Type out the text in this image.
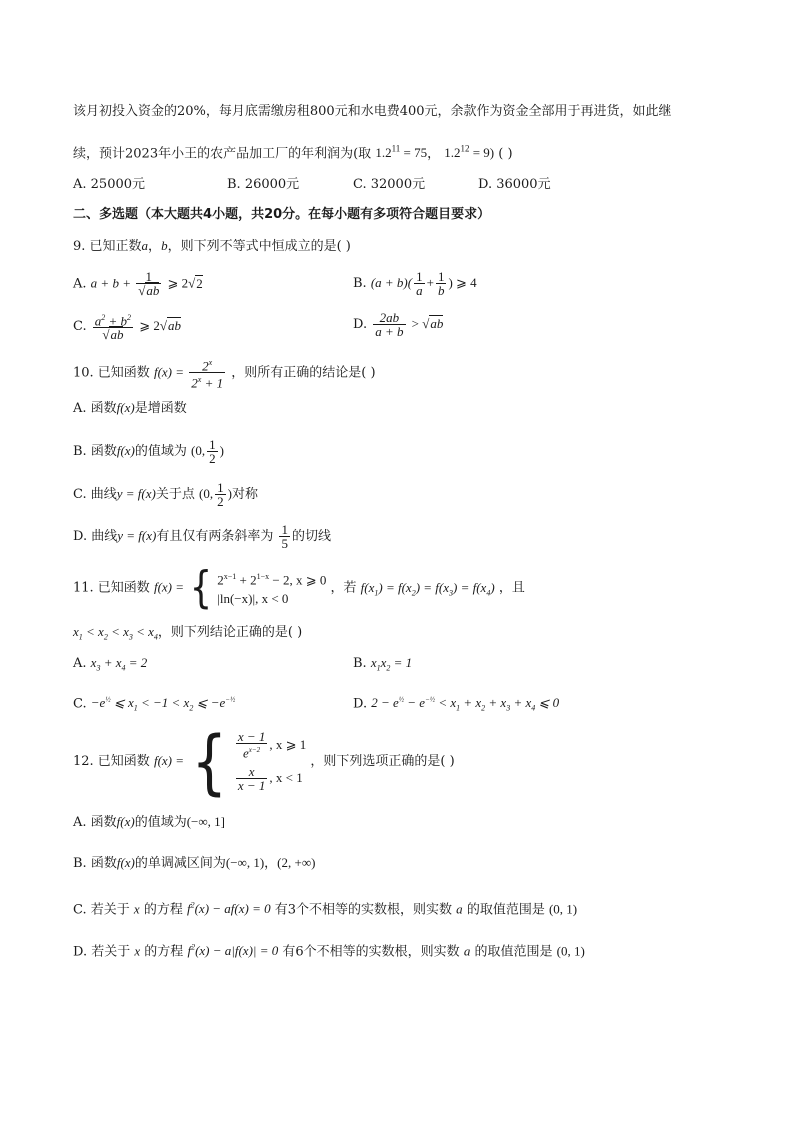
该月初投入资金的20%，每月底需缴房租800元和水电费400元，余款作为资金全部用于再进货，如此继
续，预计2023年小王的农产品加工厂的年利润为(取 $1.2^{11} = 75$， $1.2^{12} = 9$) ( )
A. 25000元	B. 26000元	C. 32000元	D. 36000元
二、多选题（本大题共4小题，共20分。在每小题有多项符合题目要求）
9. 已知正数a，b，则下列不等式中恒成立的是( )
A. $a + b + \frac{1}{√ab}$ ⩾ 2√2	B. $(a + b)( \frac{1}{a} + \frac{1}{b}$ ) ⩾ 4
C. $\frac{a^2 + b^2}{√ab}$ ⩾ 2√ab	D. $\frac{2ab}{a + b} > √ab$
10. 已知函数 $f(x) = \frac{2^x}{2^x + 1}$ ，则所有正确的结论是( )
A. 函数f(x)是增函数
B. 函数f(x)的值域为 (0, $\frac{1}{2}$ )
C. 曲线y = f(x)关于点 (0, $\frac{1}{2}$ )对称
D. 曲线y = f(x)有且仅有两条斜率为 $\frac{1}{5}$ 的切线
11. 已知函数 f(x) = { $2^{x-1} + 2^{1-x} - 2$, x ⩾ 0
|ln(−x)|, x < 0
，若 $f(x_1) = f(x_2) = f(x_3) = f(x_4)$ ，且
$x_1 < x_2 < x_3 < x_4$，则下列结论正确的是( )
A. $x_3 + x_4 = 2$	B. $x_1x_2 = 1$
C. $-e^{\frac{1}{2}}$ ⩽ $x_1 < -1 < x_2$ ⩽ $-e^{-\frac{1}{2}}$	D. $2 - e^{\frac{1}{2}} - e^{-\frac{1}{2}} < x_1 + x_2 + x_3 + x_4$ ⩽ 0
12. 已知函数 f(x) = { $\frac{x - 1}{e^{x-2}}$ , x ⩾ 1
$\frac{x}{x - 1}$ , x < 1
，则下列选项正确的是( )
A. 函数f(x)的值域为(−∞, 1]
B. 函数f(x)的单调减区间为(−∞, 1)，(2, +∞)
C. 若关于 x 的方程 $f^2(x) - af(x) = 0$ 有3个不相等的实数根，则实数 a 的取值范围是 (0, 1)
D. 若关于 x 的方程 $f^2(x) - a|f(x)| = 0$ 有6个不相等的实数根，则实数 a 的取值范围是 (0, 1)
